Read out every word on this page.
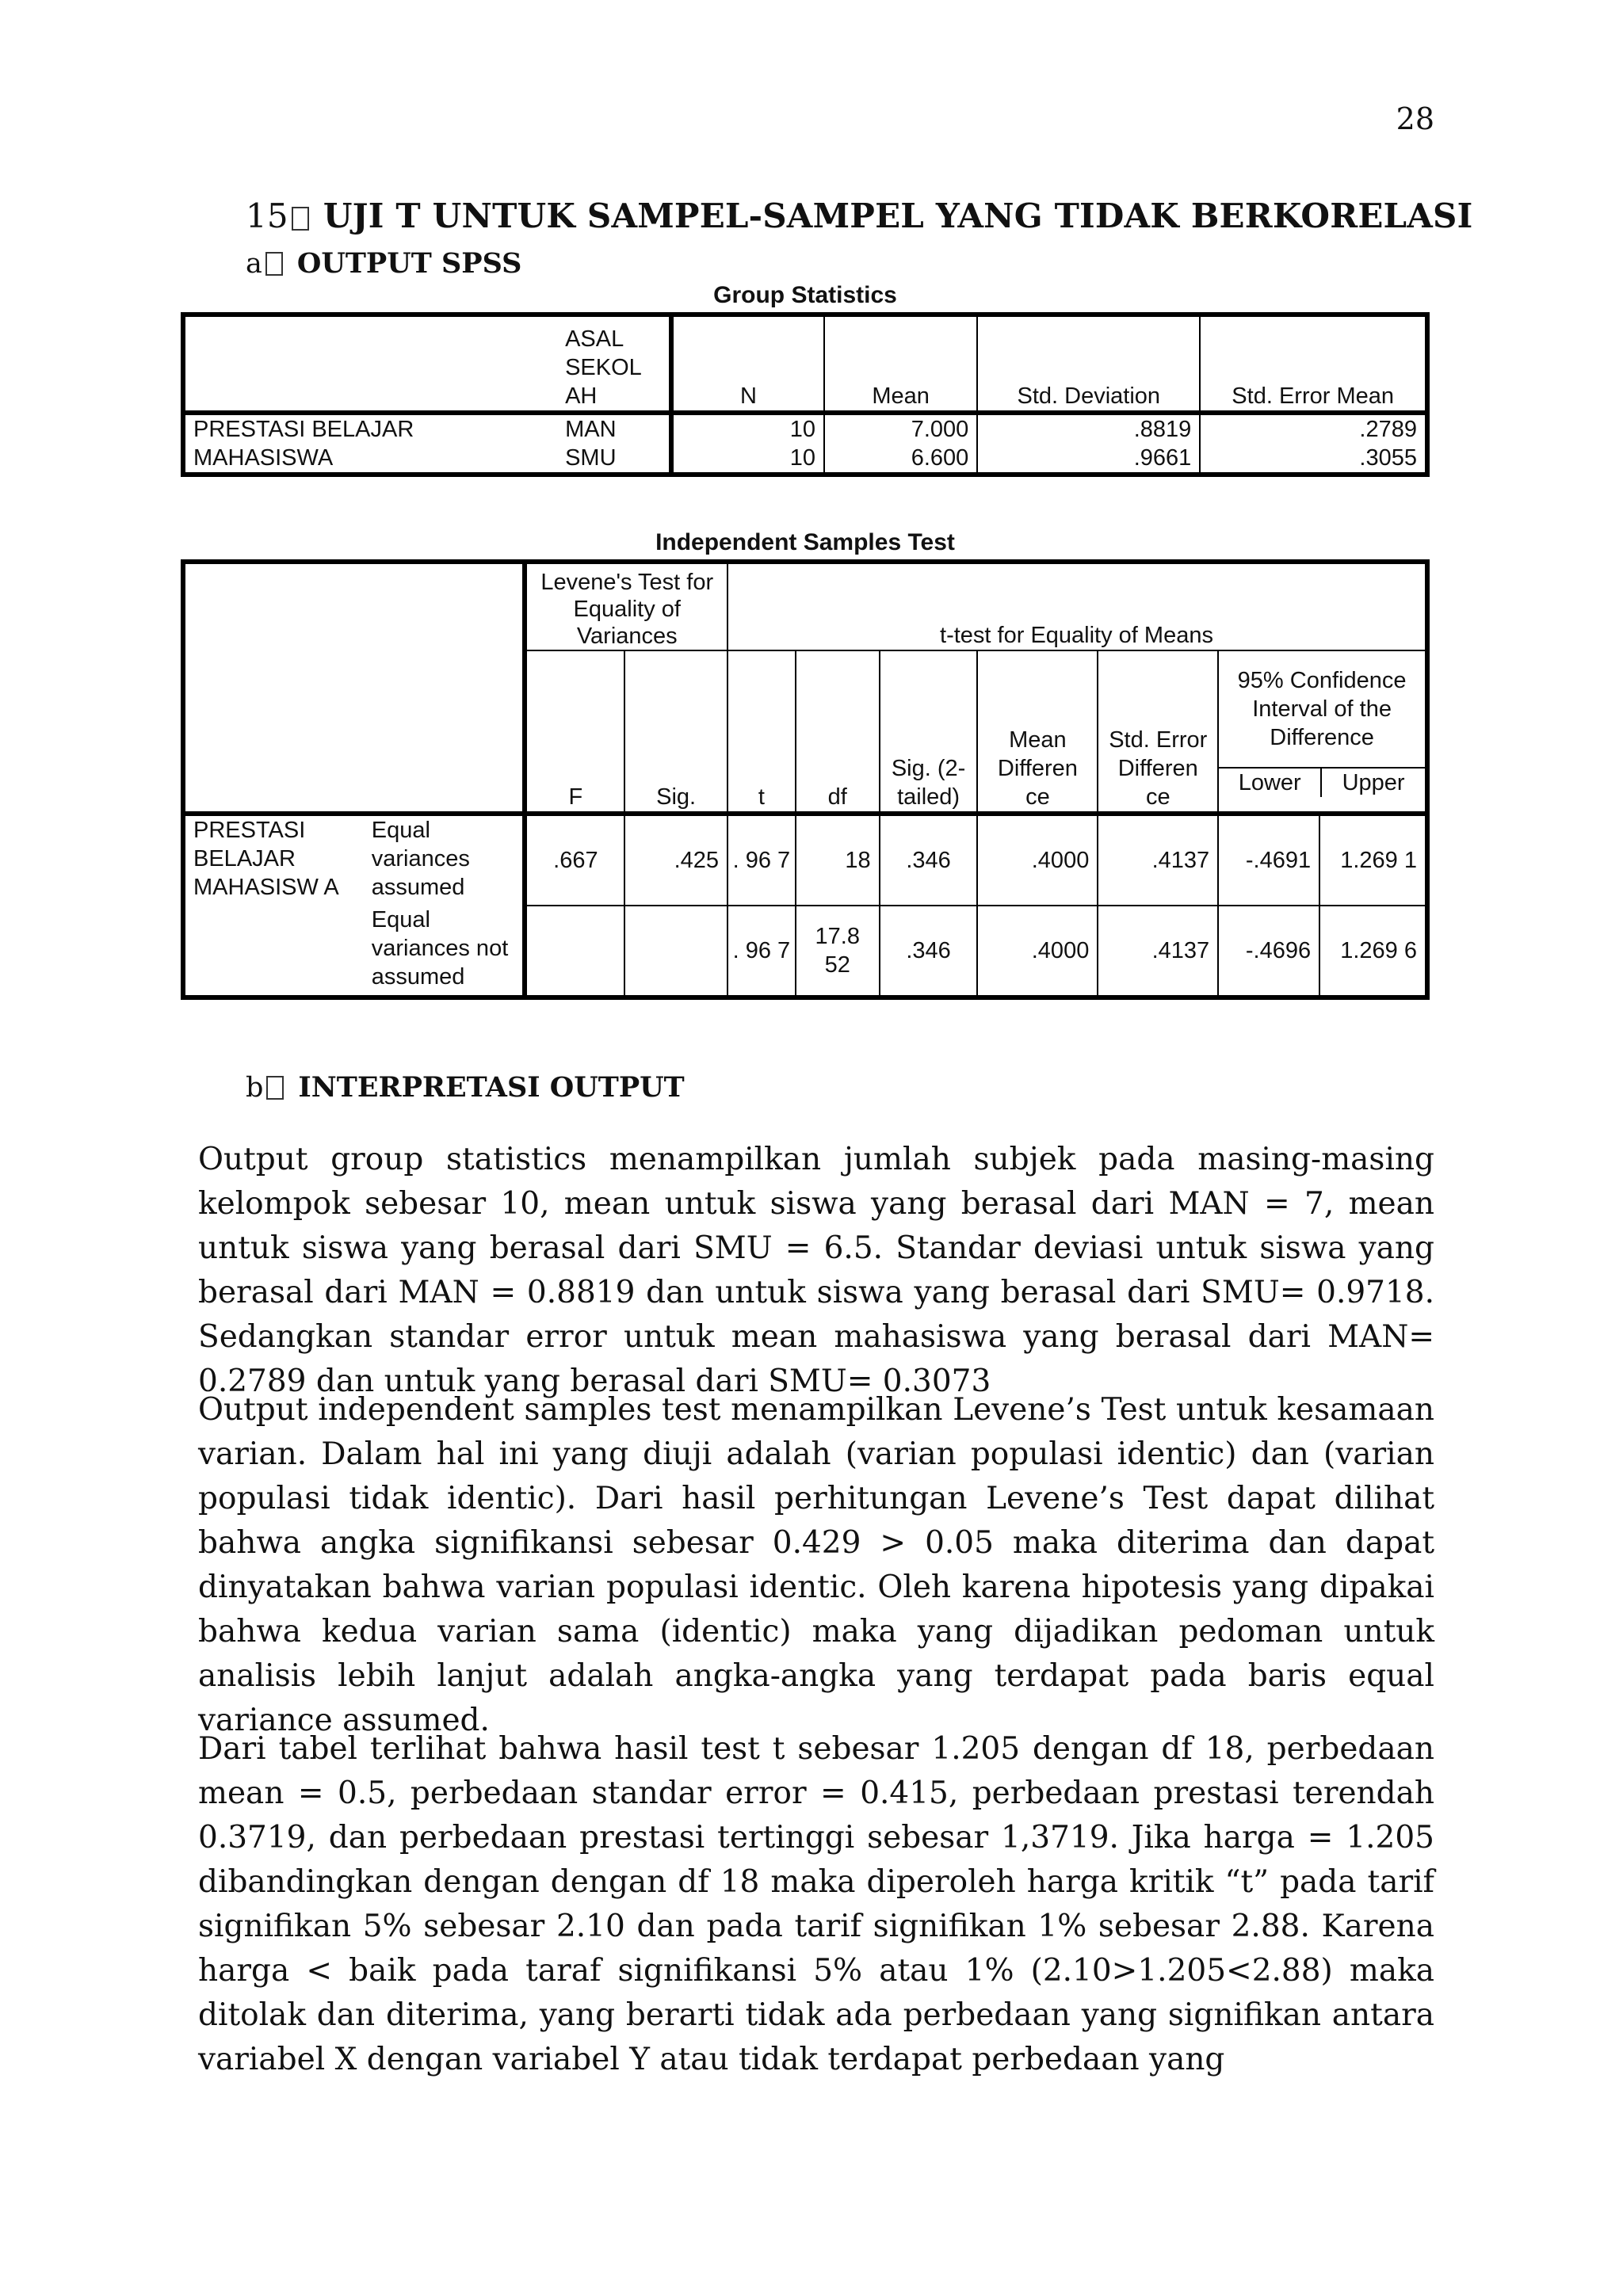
28
15 UJI T UNTUK SAMPEL-SAMPEL YANG TIDAK BERKORELASI
a OUTPUT SPSS
Group Statistics
	ASAL SEKOL AH	N	Mean	Std. Deviation	Std. Error Mean
PRESTASI BELAJAR MAHASISWA	MAN	10	7.000	.8819	.2789
	SMU	10	6.600	.9661	.3055
Independent Samples Test
		Levene's Test for Equality of Variances		t-test for Equality of Means						
		F	Sig.	t	df	Sig. (2- tailed)	Mean Differen ce	Std. Error Differen ce	95% Confidence Interval of the Difference
Lower Upper	

PRESTASI BELAJAR MAHASISW A	Equal variances assumed	.667	.425	. 96 7	18	.346	.4000	.4137	-.4691	1.269 1
	Equal variances not assumed			. 96 7	17.8 52	.346	.4000	.4137	-.4696	1.269 6
b INTERPRETASI OUTPUT

Output group statistics menampilkan jumlah subjek pada masing-masing kelompok sebesar 10, mean untuk siswa yang berasal dari MAN = 7, mean untuk siswa yang berasal dari SMU = 6.5. Standar deviasi untuk siswa yang berasal dari MAN = 0.8819 dan untuk siswa yang berasal dari SMU= 0.9718. Sedangkan standar error untuk mean mahasiswa yang berasal dari MAN= 0.2789 dan untuk yang berasal dari SMU= 0.3073

Output independent samples test menampilkan Levene’s Test untuk kesamaan varian. Dalam hal ini yang diuji adalah (varian populasi identic) dan (varian populasi tidak identic). Dari hasil perhitungan Levene’s Test dapat dilihat bahwa angka signifikansi sebesar 0.429 > 0.05 maka diterima dan dapat dinyatakan bahwa varian populasi identic. Oleh karena hipotesis yang dipakai bahwa kedua varian sama (identic) maka yang dijadikan pedoman untuk analisis lebih lanjut adalah angka-angka yang terdapat pada baris equal variance assumed.

Dari tabel terlihat bahwa hasil test t sebesar 1.205 dengan df 18, perbedaan mean = 0.5, perbedaan standar error = 0.415, perbedaan prestasi terendah 0.3719, dan perbedaan prestasi tertinggi sebesar 1,3719. Jika harga = 1.205 dibandingkan dengan dengan df 18 maka diperoleh harga kritik “t” pada tarif signifikan 5% sebesar 2.10 dan pada tarif signifikan 1% sebesar 2.88. Karena harga < baik pada taraf signifikansi 5% atau 1% (2.10>1.205<2.88) maka ditolak dan diterima, yang berarti tidak ada perbedaan yang signifikan antara variabel X dengan variabel Y atau tidak terdapat perbedaan yang
